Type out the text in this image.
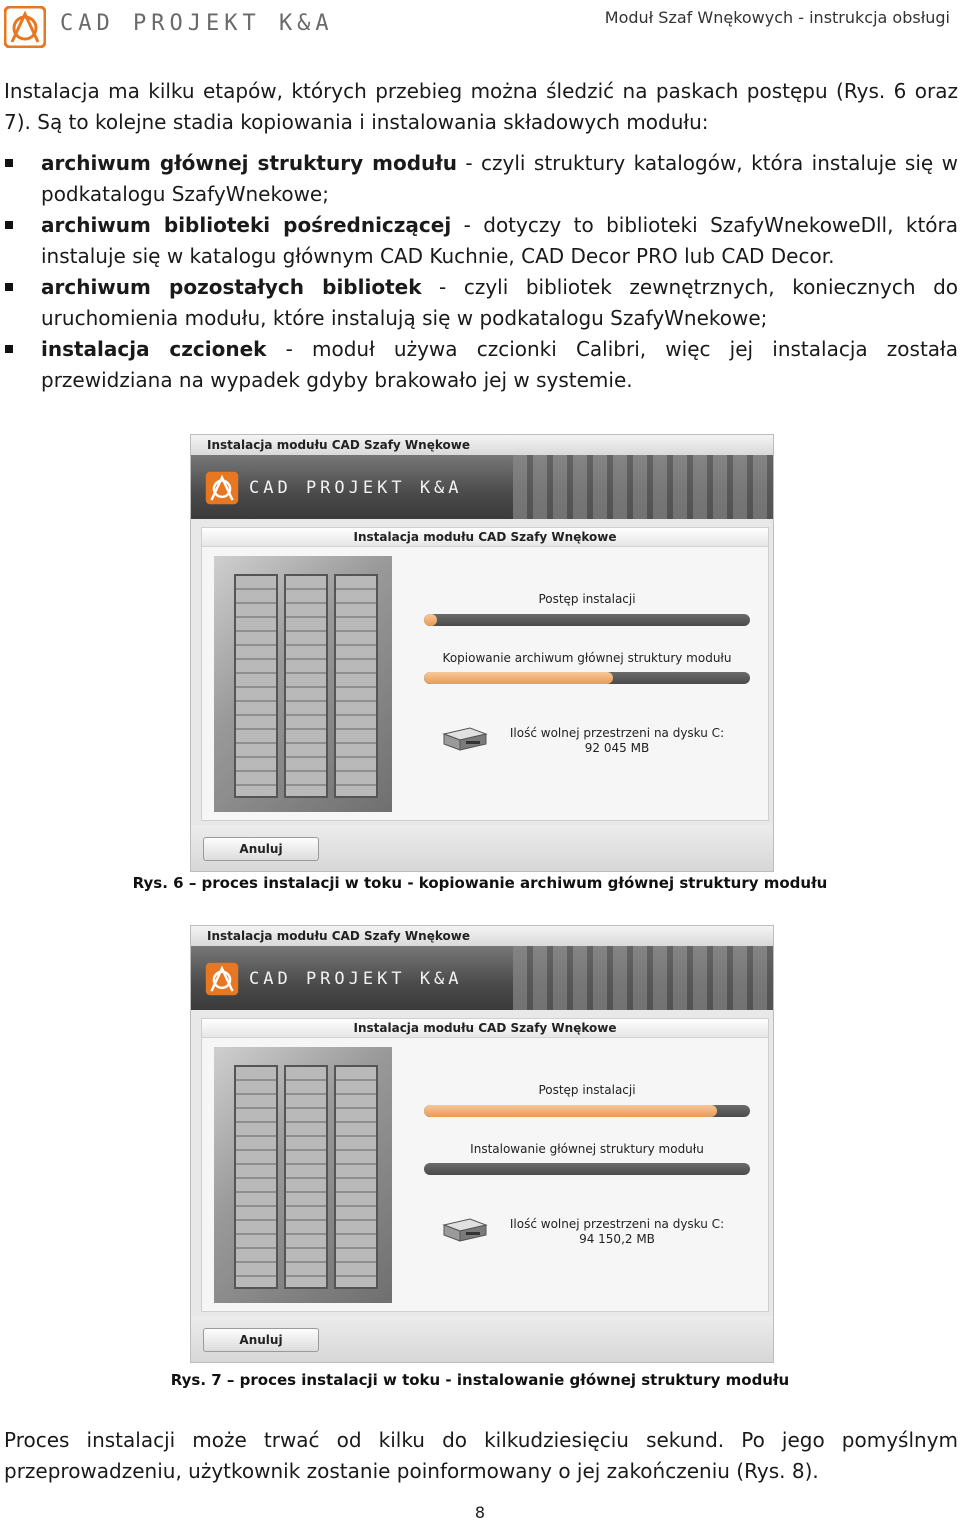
CAD PROJEKT K&A	Moduł Szaf Wnękowych - instrukcja obsługi
Instalacja ma kilku etapów, których przebieg można śledzić na paskach postępu (Rys. 6 oraz 7). Są to kolejne stadia kopiowania i instalowania składowych modułu:
archiwum głównej struktury modułu - czyli struktury katalogów, która instaluje się w podkatalogu SzafyWnekowe;
archiwum biblioteki pośredniczącej - dotyczy to biblioteki SzafyWnekoweDll, która instaluje się w katalogu głównym CAD Kuchnie, CAD Decor PRO lub CAD Decor.
archiwum pozostałych bibliotek - czyli bibliotek zewnętrznych, koniecznych do uruchomienia modułu, które instalują się w podkatalogu SzafyWnekowe;
instalacja czcionek - moduł używa czcionki Calibri, więc jej instalacja została przewidziana na wypadek gdyby brakowało jej w systemie.
Instalacja modułu CAD Szafy Wnękowe
CAD PROJEKT K&A
Instalacja modułu CAD Szafy Wnękowe
Postęp instalacji
Kopiowanie archiwum głównej struktury modułu
Ilość wolnej przestrzeni na dysku C:
92 045 MB
Anuluj
Rys. 6 – proces instalacji w toku - kopiowanie archiwum głównej struktury modułu
Instalacja modułu CAD Szafy Wnękowe
CAD PROJEKT K&A
Instalacja modułu CAD Szafy Wnękowe
Postęp instalacji
Instalowanie głównej struktury modułu
Ilość wolnej przestrzeni na dysku C:
94 150,2 MB
Anuluj
Rys. 7 – proces instalacji w toku - instalowanie głównej struktury modułu
Proces instalacji może trwać od kilku do kilkudziesięciu sekund. Po jego pomyślnym przeprowadzeniu, użytkownik zostanie poinformowany o jej zakończeniu (Rys. 8).
8
